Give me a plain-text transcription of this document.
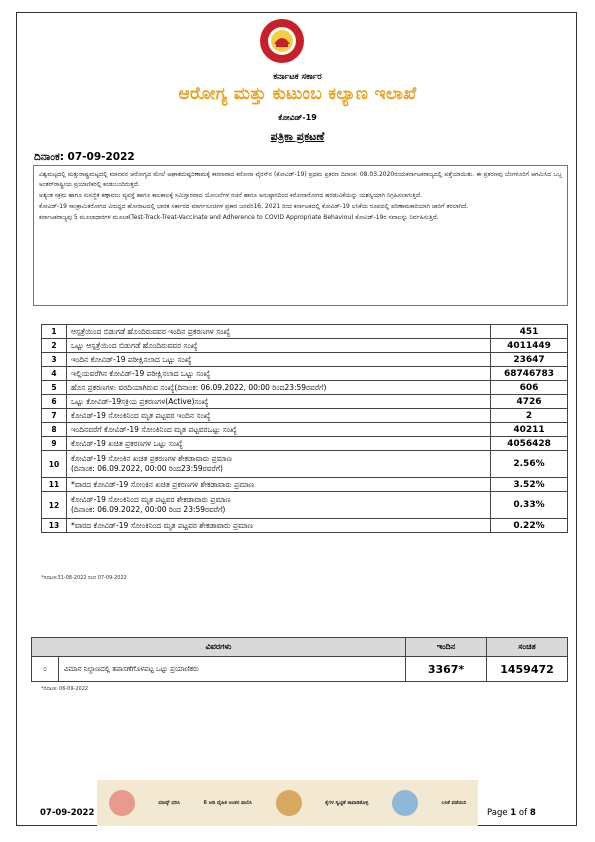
ಕರ್ನಾಟಕ ಸರ್ಕಾರ
ಆರೋಗ್ಯ ಮತ್ತು ಕುಟುಂಬ ಕಲ್ಯಾಣ ಇಲಾಖೆ
ಕೋವಿಡ್-19
ಪತ್ರಿಕಾ ಪ್ರಕಟಣೆ
ದಿನಾಂಕ: 07-09-2022

ವಿಶ್ವಮಟ್ಟದಲ್ಲಿ ಮತ್ತುರಾಷ್ಟ್ರಮಟ್ಟದಲ್ಲಿ ಮಾನವನ ಆರೋಗ್ಯದ ಮೇಲೆ ಅಘಾತದುಷ್ಪರಿಣಾಮಕ್ಕೆ ಕಾರಣವಾದ ಕರೋನಾ ವೈರಸ್‌ನ (ಕೋವಿಡ್-19) ಪ್ರಥಮ ಪ್ರಕರಣ ದಿನಾಂಕ: 08.03.2020ರಂದುಕರ್ನಾಟಕರಾಜ್ಯದಲ್ಲಿ ಪತ್ತೆಯಾಯಿತು. ಈ ಪ್ರಕರಣವು ಬೆಂಗಳೂರಿಗೆ ಆಗಮಿಸಿದ ಒಬ್ಬ ಅಂತರ್‌ರಾಷ್ಟ್ರೀಯ ಪ್ರಯಾಣಿಕರಲ್ಲಿ ಕಂಡುಬಂದಿರುತ್ತದೆ.

ಅತ್ಯಂತ ಸಕ್ರಮ ಹಾಗೂ ಸುಸಜ್ಜಿತ ಕಣ್ಗಾವಲು ವ್ಯವಸ್ಥೆ ಹಾಗೂ ಕಾಲಕಾಲಕ್ಕೆ ಸಮಿಸ್ತಾರವಾದ ಯೋಜನೆಗಳ ರಚನೆ ಹಾಗೂ ಅನುಷ್ಠಾನದಿಂದ ಕರೋನಾರೋಗದ ಹರಡುವಿಕೆಯನ್ನು ಯಶಸ್ವಿಯಾಗಿ ನಿಗ್ರಹಿಸಲಾಗುತ್ತಿದೆ.

ಕೋವಿಡ್-19 ಸಾಂಕ್ರಾಮಿಕರೋಗದ ವಿರುದ್ಧದ ಹೋರಾಟದಲ್ಲಿ ಭಾರತ ಸರ್ಕಾರದ ಮಾರ್ಗಸೂಚಿಗಳ ಪ್ರಕಾರ ಜನವರಿ16, 2021 ರಿಂದ ಕರ್ನಾಟಕದಲ್ಲಿ ಕೋವಿಡ್-19 ಲಸಿಕೆಯ ರೂಪದಲ್ಲಿ ಪರಿಣಾಮಕಾರಿಯಾಗಿ ಜಾರಿಗೆ ತರಲಾಗಿದೆ.

ಕರ್ನಾಟಕರಾಜ್ಯವು 5 ಮೂಲಾಧಾರಗಳ ಮೂಲಕ(Test-Track-Treat-Vaccinate and Adherence to COVID Appropriate Behaviou) ಕೋವಿಡ್-19ರ ಸವಾಲನ್ನು ನಿರ್ವಹಿಸುತ್ತಿದೆ.

1	ಆಸ್ಪತ್ರೆಯಿಂದ ಬಿಡುಗಡೆ ಹೊಂದಿರುವವರ ಇಂದಿನ ಪ್ರಕರಣಗಳ ಸಂಖ್ಯೆ	451
2	ಒಟ್ಟು ಆಸ್ಪತ್ರೆಯಿಂದ ಬಿಡುಗಡೆ ಹೊಂದಿರುವವರ ಸಂಖ್ಯೆ	4011449
3	ಇಂದಿನ ಕೋವಿಡ್-19 ಪರೀಕ್ಷಿಸಲಾದ ಒಟ್ಟು ಸಂಖ್ಯೆ	23647
4	ಇಲ್ಲಿಯವರೆಗಿನ ಕೋವಿಡ್-19 ಪರೀಕ್ಷಿಸಲಾದ ಒಟ್ಟು ಸಂಖ್ಯೆ	68746783
5	ಹೊಸ ಪ್ರಕರಣಗಳು ವರದಿಯಾಗಿರುವ ಸಂಖ್ಯೆ(ದಿನಾಂಕ: 06.09.2022, 00:00 ರಿಂದ23:59ರವರೆಗೆ)	606
6	ಒಟ್ಟು ಕೋವಿಡ್-19ಸಕ್ರಿಯ ಪ್ರಕರಣಗಳ(Active)ಸಂಖ್ಯೆ	4726
7	ಕೋವಿಡ್-19 ಸೋಂಕಿನಿಂದ ಮೃತ ಪಟ್ಟವರ ಇಂದಿನ ಸಂಖ್ಯೆ	2
8	ಇಂದಿನವರೆಗೆ ಕೋವಿಡ್-19 ಸೋಂಕಿನಿಂದ ಮೃತ ಪಟ್ಟವರಒಟ್ಟು ಸಂಖ್ಯೆ	40211
9	ಕೋವಿಡ್-19 ಖಚಿತ ಪ್ರಕರಣಗಳ ಒಟ್ಟು ಸಂಖ್ಯೆ	4056428
10	ಕೋವಿಡ್-19 ಸೋಂಕಿನ ಖಚಿತ ಪ್ರಕರಣಗಳ ಶೇಕಡಾವಾರು ಪ್ರಮಾಣ
(ದಿನಾಂಕ: 06.09.2022, 00:00 ರಿಂದ23:59ರವರೆಗೆ)	2.56%
11	*ವಾರದ ಕೋವಿಡ್-19 ಸೋಂಕಿನ ಖಚಿತ ಪ್ರಕರಣಗಳ ಶೇಕಡಾವಾರು ಪ್ರಮಾಣ	3.52%
12	ಕೋವಿಡ್-19 ಸೋಂಕಿನಿಂದ ಮೃತ ಪಟ್ಟವರ ಶೇಕಡಾವಾರು ಪ್ರಮಾಣ
(ದಿನಾಂಕ: 06.09.2022, 00:00 ರಿಂದ 23:59ರವರೆಗೆ)	0.33%
13	*ವಾರದ ಕೋವಿಡ್-19 ಸೋಂಕಿನಿಂದ ಮೃತ ಪಟ್ಟವರ ಶೇಕಡಾವಾರು ಪ್ರಮಾಣ	0.22%
*ದಿನಾಂಕ:31-08-2022 ರಿಂದ 07-09-2022
ವಿವರಗಳು		ಇಂದಿನ	ಸಂಚಿತ
೦	ವಿಮಾನ ನಿಲ್ದಾಣದಲ್ಲಿ ತಪಾಸಣೆಗೊಳಪಟ್ಟ ಒಟ್ಟು ಪ್ರಯಾಣಿಕರು	3367*	1459472
*ದಿನಾಂಕ: 06-09-2022
ಮಾಸ್ಕ್ ಧರಿಸಿ	6 ಅಡಿ ದೈಹಿಕ ಅಂತರ ಪಾಲಿಸಿ	ಕೈಗಳ ಸ್ವಚ್ಛತೆ ಕಾಪಾಡಿಕೊಳ್ಳಿ	ಲಸಿಕೆ ಪಡೆಯಿರಿ
07-09-2022	Page 1 of 8
